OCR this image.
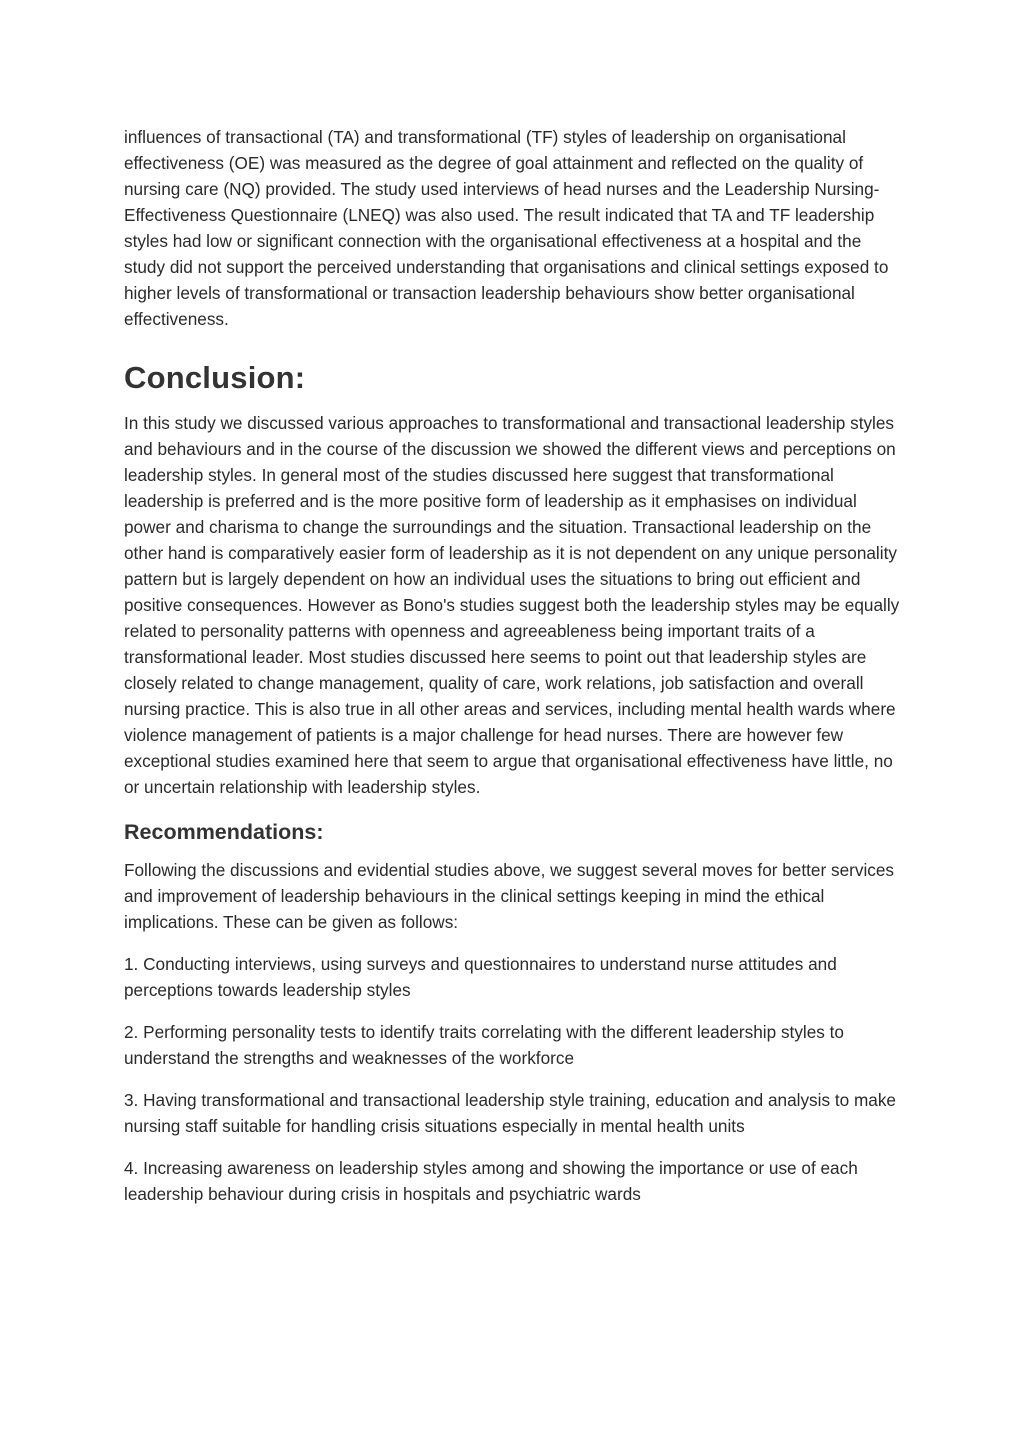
influences of transactional (TA) and transformational (TF) styles of leadership on organisational effectiveness (OE) was measured as the degree of goal attainment and reflected on the quality of nursing care (NQ) provided. The study used interviews of head nurses and the Leadership Nursing-Effectiveness Questionnaire (LNEQ) was also used. The result indicated that TA and TF leadership styles had low or significant connection with the organisational effectiveness at a hospital and the study did not support the perceived understanding that organisations and clinical settings exposed to higher levels of transformational or transaction leadership behaviours show better organisational effectiveness.

Conclusion:

In this study we discussed various approaches to transformational and transactional leadership styles and behaviours and in the course of the discussion we showed the different views and perceptions on leadership styles. In general most of the studies discussed here suggest that transformational leadership is preferred and is the more positive form of leadership as it emphasises on individual power and charisma to change the surroundings and the situation. Transactional leadership on the other hand is comparatively easier form of leadership as it is not dependent on any unique personality pattern but is largely dependent on how an individual uses the situations to bring out efficient and positive consequences. However as Bono's studies suggest both the leadership styles may be equally related to personality patterns with openness and agreeableness being important traits of a transformational leader. Most studies discussed here seems to point out that leadership styles are closely related to change management, quality of care, work relations, job satisfaction and overall nursing practice. This is also true in all other areas and services, including mental health wards where violence management of patients is a major challenge for head nurses. There are however few exceptional studies examined here that seem to argue that organisational effectiveness have little, no or uncertain relationship with leadership styles.

Recommendations:

Following the discussions and evidential studies above, we suggest several moves for better services and improvement of leadership behaviours in the clinical settings keeping in mind the ethical implications. These can be given as follows:

1. Conducting interviews, using surveys and questionnaires to understand nurse attitudes and perceptions towards leadership styles
2. Performing personality tests to identify traits correlating with the different leadership styles to understand the strengths and weaknesses of the workforce
3. Having transformational and transactional leadership style training, education and analysis to make nursing staff suitable for handling crisis situations especially in mental health units
4. Increasing awareness on leadership styles among and showing the importance or use of each leadership behaviour during crisis in hospitals and psychiatric wards
